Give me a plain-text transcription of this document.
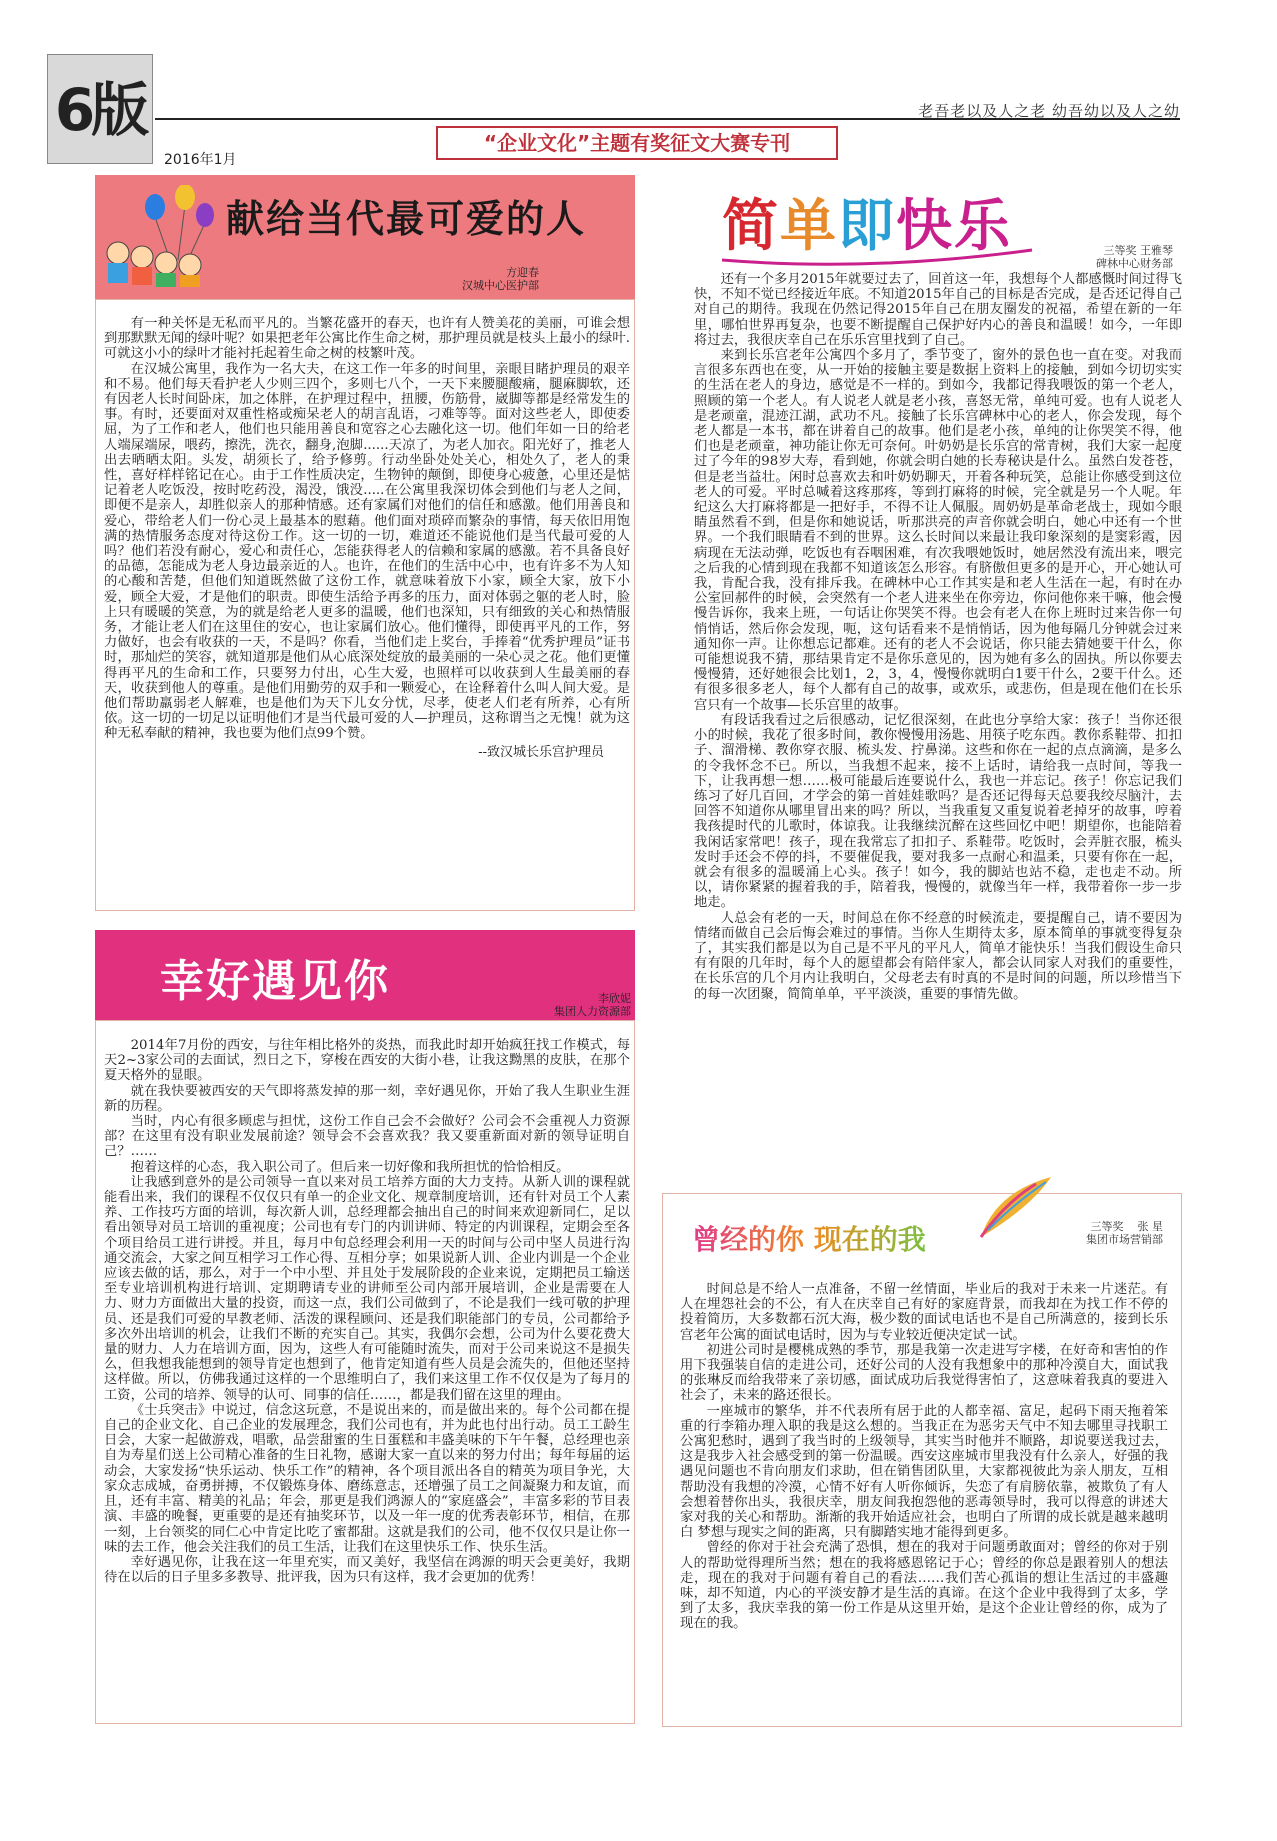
6版	老吾老以及人之老 幼吾幼以及人之幼
2016年1月
“企业文化”主题有奖征文大赛专刊
献给当代最可爱的人
方迎春
汉城中心医护部

有一种关怀是无私而平凡的。当繁花盛开的春天，也许有人赞美花的美丽，可谁会想到那默默无闻的绿叶呢？如果把老年公寓比作生命之树，那护理员就是枝头上最小的绿叶.可就这小小的绿叶才能衬托起着生命之树的枝繁叶茂。

在汉城公寓里，我作为一名大夫，在这工作一年多的时间里，亲眼目睹护理员的艰辛和不易。他们每天看护老人少则三四个，多则七八个，一天下来腰腿酸痛，腿麻脚软，还有因老人长时间卧床，加之体胖，在护理过程中，扭腰，伤筋骨，崴脚等都是经常发生的事。有时，还要面对双重性格或痴呆老人的胡言乱语，刁难等等。面对这些老人，即使委屈，为了工作和老人，他们也只能用善良和宽容之心去融化这一切。他们年如一日的给老人端屎端尿，喂药，擦洗，洗衣，翻身,泡脚......天凉了，为老人加衣。阳光好了，推老人出去晒晒太阳。头发，胡须长了，给予修剪。行动坐卧处处关心，相处久了，老人的秉性，喜好样样铭记在心。由于工作性质决定，生物钟的颠倒，即使身心疲惫，心里还是惦记着老人吃饭没，按时吃药没，渴没，饿没.....在公寓里我深切体会到他们与老人之间，即便不是亲人，却胜似亲人的那种情感。还有家属们对他们的信任和感激。他们用善良和爱心，带给老人们一份心灵上最基本的慰藉。他们面对琐碎而繁杂的事情，每天依旧用饱满的热情服务态度对待这份工作。这一切的一切，难道还不能说他们是当代最可爱的人吗？他们若没有耐心，爱心和责任心，怎能获得老人的信赖和家属的感激。若不具备良好的品德，怎能成为老人身边最亲近的人。也许，在他们的生活中心中，也有许多不为人知的心酸和苦楚，但他们知道既然做了这份工作，就意味着放下小家，顾全大家，放下小爱，顾全大爱，才是他们的职责。即使生活给予再多的压力，面对体弱之躯的老人时，脸上只有暖暖的笑意，为的就是给老人更多的温暖，他们也深知，只有细致的关心和热情服务，才能让老人们在这里住的安心，也让家属们放心。他们懂得，即使再平凡的工作，努力做好，也会有收获的一天，不是吗？你看，当他们走上奖台，手捧着“优秀护理员”证书时，那灿烂的笑容，就知道那是他们从心底深处绽放的最美丽的一朵心灵之花。他们更懂得再平凡的生命和工作，只要努力付出，心生大爱，也照样可以收获到人生最美丽的春天，收获到他人的尊重。是他们用勤劳的双手和一颗爱心，在诠释着什么叫人间大爱。是他们帮助羸弱老人解难，也是他们为天下儿女分忧，尽孝，使老人们老有所养，心有所依。这一切的一切足以证明他们才是当代最可爱的人—护理员，这称谓当之无愧！就为这种无私奉献的精神，我也要为他们点99个赞。

--致汉城长乐宫护理员
幸好遇见你	李欣妮
集团人力资源部

2014年7月份的西安，与往年相比格外的炎热，而我此时却开始疯狂找工作模式，每天2~3家公司的去面试，烈日之下，穿梭在西安的大街小巷，让我这黝黑的皮肤，在那个夏天格外的显眼。

就在我快要被西安的天气即将蒸发掉的那一刻，幸好遇见你，开始了我人生职业生涯新的历程。

当时，内心有很多顾虑与担忧，这份工作自己会不会做好？公司会不会重视人力资源部？在这里有没有职业发展前途？领导会不会喜欢我？我又要重新面对新的领导证明自己？……

抱着这样的心态，我入职公司了。但后来一切好像和我所担忧的恰恰相反。

让我感到意外的是公司领导一直以来对员工培养方面的大力支持。从新人训的课程就能看出来，我们的课程不仅仅只有单一的企业文化、规章制度培训，还有针对员工个人素养、工作技巧方面的培训，每次新人训，总经理都会抽出自己的时间来欢迎新同仁，足以看出领导对员工培训的重视度；公司也有专门的内训讲师、特定的内训课程，定期会至各个项目给员工进行讲授。并且，每月中旬总经理会利用一天的时间与公司中坚人员进行沟通交流会，大家之间互相学习工作心得、互相分享；如果说新人训、企业内训是一个企业应该去做的话，那么，对于一个中小型、并且处于发展阶段的企业来说，定期把员工输送至专业培训机构进行培训、定期聘请专业的讲师至公司内部开展培训，企业是需要在人力、财力方面做出大量的投资，而这一点，我们公司做到了，不论是我们一线可敬的护理员、还是我们可爱的早教老师、活泼的课程顾问、还是我们职能部门的专员，公司都给予多次外出培训的机会，让我们不断的充实自己。其实，我偶尔会想，公司为什么要花费大量的财力、人力在培训方面，因为，这些人有可能随时流失，而对于公司来说这不是损失么，但我想我能想到的领导肯定也想到了，他肯定知道有些人员是会流失的，但他还坚持这样做。所以，仿佛我通过这样的一个思维明白了，我们来这里工作不仅仅是为了每月的工资，公司的培养、领导的认可、同事的信任……，都是我们留在这里的理由。

《士兵突击》中说过，信念这玩意，不是说出来的，而是做出来的。每个公司都在提自己的企业文化、自己企业的发展理念，我们公司也有，并为此也付出行动。员工工龄生日会，大家一起做游戏，唱歌，品尝甜蜜的生日蛋糕和丰盛美味的下午午餐，总经理也亲自为寿星们送上公司精心准备的生日礼物，感谢大家一直以来的努力付出；每年每届的运动会，大家发扬“快乐运动、快乐工作”的精神，各个项目派出各自的精英为项目争光，大家众志成城，奋勇拼搏，不仅锻炼身体、磨练意志，还增强了员工之间凝聚力和友谊，而且，还有丰富、精美的礼品；年会，那更是我们鸿源人的“家庭盛会”，丰富多彩的节目表演、丰盛的晚餐，更重要的是还有抽奖环节，以及一年一度的优秀表彰环节，相信，在那一刻，上台领奖的同仁心中肯定比吃了蜜都甜。这就是我们的公司，他不仅仅只是让你一味的去工作，他会关注我们的员工生活，让我们在这里快乐工作、快乐生活。

幸好遇见你，让我在这一年里充实，而又美好，我坚信在鸿源的明天会更美好，我期待在以后的日子里多多教导、批评我，因为只有这样，我才会更加的优秀！

简单即快乐	三等奖 王雅琴
碑林中心财务部

还有一个多月2015年就要过去了，回首这一年，我想每个人都感慨时间过得飞快，不知不觉已经接近年底。不知道2015年自己的目标是否完成，是否还记得自己对自己的期待。我现在仍然记得2015年自己在朋友圈发的祝福，希望在新的一年里，哪怕世界再复杂，也要不断提醒自己保护好内心的善良和温暖！如今，一年即将过去，我很庆幸自己在乐乐宫里找到了自己。

来到长乐宫老年公寓四个多月了，季节变了，窗外的景色也一直在变。对我而言很多东西也在变，从一开始的接触主要是数据上资料上的接触，到如今切切实实的生活在老人的身边，感觉是不一样的。到如今，我都记得我喂饭的第一个老人，照顾的第一个老人。有人说老人就是老小孩，喜怒无常，单纯可爱。也有人说老人是老顽童，混迹江湖，武功不凡。接触了长乐宫碑林中心的老人，你会发现，每个老人都是一本书，都在讲着自己的故事。他们是老小孩，单纯的让你哭笑不得，他们也是老顽童，神功能让你无可奈何。叶奶奶是长乐宫的常青树，我们大家一起度过了今年的98岁大寿，看到她，你就会明白她的长寿秘诀是什么。虽然白发苍苍，但是老当益壮。闲时总喜欢去和叶奶奶聊天，开着各种玩笑，总能让你感受到这位老人的可爱。平时总喊着这疼那疼，等到打麻将的时候，完全就是另一个人呢。年纪这么大打麻将都是一把好手，不得不让人佩服。周奶奶是革命老战士，现如今眼睛虽然看不到，但是你和她说话，听那洪亮的声音你就会明白，她心中还有一个世界。一个我们眼睛看不到的世界。这么长时间以来最让我印象深刻的是窦彩霞，因病现在无法动弹，吃饭也有吞咽困难，有次我喂她饭时，她居然没有流出来，喂完之后我的心情到现在我都不知道该怎么形容。有脐傲但更多的是开心，开心她认可我，肯配合我，没有排斥我。在碑林中心工作其实是和老人生活在一起，有时在办公室回郝件的时候，会突然有一个老人进来坐在你旁边，你问他你来干嘛，他会慢慢告诉你，我来上班，一句话让你哭笑不得。也会有老人在你上班时过来告你一句悄悄话，然后你会发现，呃，这句话看来不是悄悄话，因为他每隔几分钟就会过来通知你一声。让你想忘记都难。还有的老人不会说话，你只能去猜她要干什么，你可能想说我不猜，那结果肯定不是你乐意见的，因为她有多么的固执。所以你要去慢慢猜，还好她很会比划1，2，3，4，慢慢你就明白1要干什么，2要干什么。还有很多很多老人，每个人都有自己的故事，或欢乐，或悲伤，但是现在他们在长乐宫只有一个故事—长乐宫里的故事。

有段话我看过之后很感动，记忆很深刻，在此也分享给大家：孩子！当你还很小的时候，我花了很多时间，教你慢慢用汤匙、用筷子吃东西。教你系鞋带、扣扣子、溜滑梯、教你穿衣服、梳头发、拧鼻涕。这些和你在一起的点点滴滴，是多么的令我怀念不已。所以，当我想不起来，接不上话时，请给我一点时间，等我一下，让我再想一想……极可能最后连要说什么，我也一并忘记。孩子！你忘记我们练习了好几百回，才学会的第一首娃娃歌吗？是否还记得每天总要我绞尽脑汁，去回答不知道你从哪里冒出来的吗？所以，当我重复又重复说着老掉牙的故事，哼着我孩提时代的儿歌时，体谅我。让我继续沉醉在这些回忆中吧！期望你，也能陪着我闲话家常吧！孩子，现在我常忘了扣扣子、系鞋带。吃饭时，会弄脏衣服，梳头发时手还会不停的抖，不要催促我，要对我多一点耐心和温柔，只要有你在一起，就会有很多的温暖涌上心头。孩子！如今，我的脚站也站不稳，走也走不动。所以，请你紧紧的握着我的手，陪着我，慢慢的，就像当年一样，我带着你一步一步地走。

人总会有老的一天，时间总在你不经意的时候流走，要提醒自己，请不要因为情绪而做自己会后悔会难过的事情。当你人生期待太多，原本简单的事就变得复杂了，其实我们都是以为自己是不平凡的平凡人，简单才能快乐！当我们假设生命只有有限的几年时，每个人的愿望都会有陪伴家人，都会认同家人对我们的重要性，在长乐宫的几个月内让我明白，父母老去有时真的不是时间的问题，所以珍惜当下的每一次团聚，简简单单，平平淡淡，重要的事情先做。

曾经的你 现在的我	三等奖 张 星
集团市场营销部

时间总是不给人一点准备，不留一丝情面，毕业后的我对于未来一片迷茫。有人在埋怨社会的不公，有人在庆幸自己有好的家庭背景，而我却在为找工作不停的投着简历，大多数都石沉大海，极少数的面试电话也不是自己所满意的，接到长乐宫老年公寓的面试电话时，因为与专业较近便决定试一试。

初进公司时是樱桃成熟的季节，那是我第一次走进写字楼，在好奇和害怕的作用下我强装自信的走进公司，还好公司的人没有我想象中的那种冷漠自大，面试我的张琳反而给我带来了亲切感，面试成功后我觉得害怕了，这意味着我真的要进入社会了，未来的路还很长。

一座城市的繁华，并不代表所有居于此的人都幸福、富足，起码下雨天拖着笨重的行李箱办理入职的我是这么想的。当我正在为恶劣天气中不知去哪里寻找职工公寓犯愁时，遇到了我当时的上级领导，其实当时他并不顺路，却说要送我过去，这是我步入社会感受到的第一份温暖。西安这座城市里我没有什么亲人，好强的我遇见问题也不肯向朋友们求助，但在销售团队里，大家都视彼此为亲人朋友，互相帮助没有我想的冷漠，心情不好有人听你倾诉，失恋了有肩膀依靠，被欺负了有人会想着替你出头，我很庆幸，朋友间我抱怨他的恶毒领导时，我可以得意的讲述大家对我的关心和帮助。渐渐的我开始适应社会，也明白了所谓的成长就是越来越明白 梦想与现实之间的距离，只有脚踏实地才能得到更多。

曾经的你对于社会充满了恐惧，想在的我对于问题勇敢面对；曾经的你对于别人的帮助觉得理所当然；想在的我将感恩铭记于心；曾经的你总是跟着别人的想法走，现在的我对于问题有着自己的看法……我们苦心孤诣的想让生活过的丰盛趣味，却不知道，内心的平淡安静才是生活的真谛。在这个企业中我得到了太多，学到了太多，我庆幸我的第一份工作是从这里开始，是这个企业让曾经的你，成为了现在的我。
